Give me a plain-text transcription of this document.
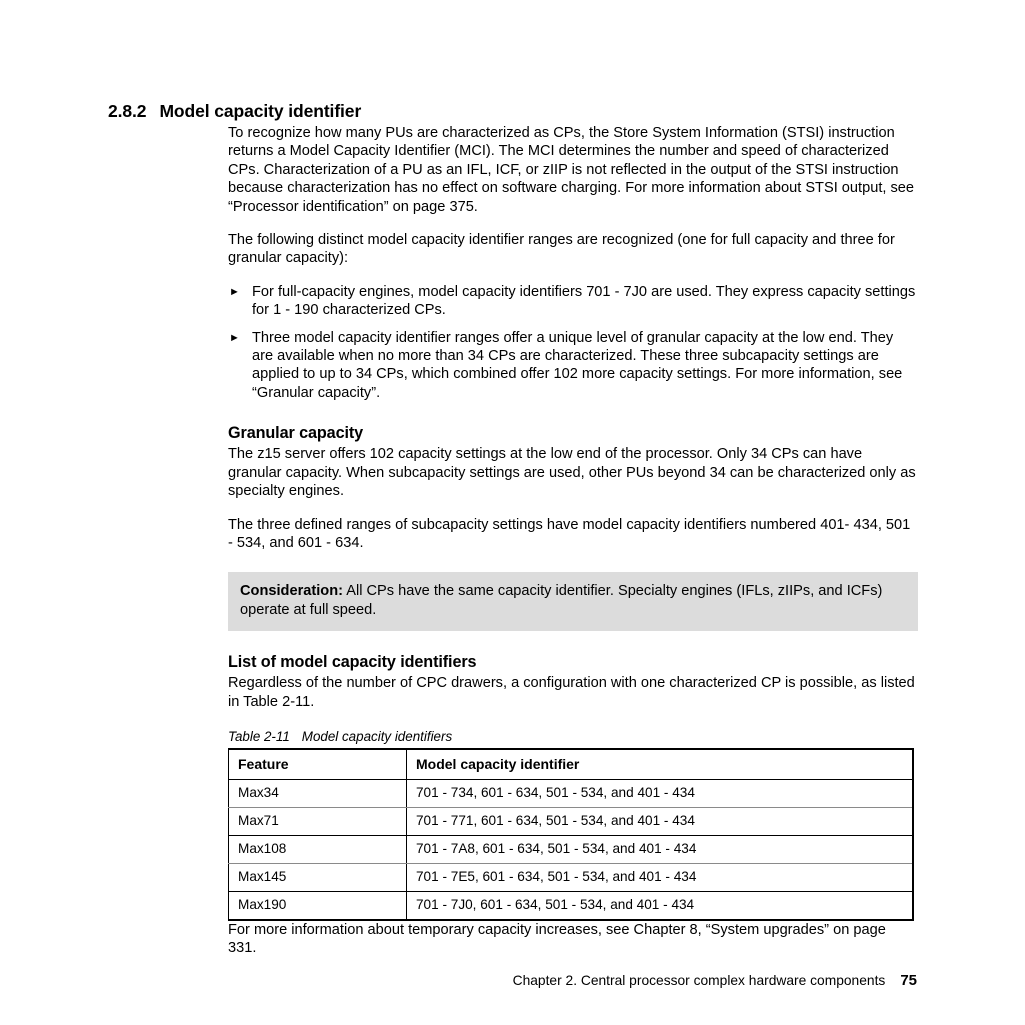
2.8.2 Model capacity identifier

To recognize how many PUs are characterized as CPs, the Store System Information (STSI) instruction returns a Model Capacity Identifier (MCI). The MCI determines the number and speed of characterized CPs. Characterization of a PU as an IFL, ICF, or zIIP is not reflected in the output of the STSI instruction because characterization has no effect on software charging. For more information about STSI output, see “Processor identification” on page 375.

The following distinct model capacity identifier ranges are recognized (one for full capacity and three for granular capacity):

► For full-capacity engines, model capacity identifiers 701 - 7J0 are used. They express capacity settings for 1 - 190 characterized CPs.
► Three model capacity identifier ranges offer a unique level of granular capacity at the low end. They are available when no more than 34 CPs are characterized. These three subcapacity settings are applied to up to 34 CPs, which combined offer 102 more capacity settings. For more information, see “Granular capacity”.
Granular capacity

The z15 server offers 102 capacity settings at the low end of the processor. Only 34 CPs can have granular capacity. When subcapacity settings are used, other PUs beyond 34 can be characterized only as specialty engines.

The three defined ranges of subcapacity settings have model capacity identifiers numbered 401- 434, 501 - 534, and 601 - 634.

Consideration: All CPs have the same capacity identifier. Specialty engines (IFLs, zIIPs, and ICFs) operate at full speed.
List of model capacity identifiers

Regardless of the number of CPC drawers, a configuration with one characterized CP is possible, as listed in Table 2-11.

Table 2-11 Model capacity identifiers
Feature	Model capacity identifier
Max34	701 - 734, 601 - 634, 501 - 534, and 401 - 434
Max71	701 - 771, 601 - 634, 501 - 534, and 401 - 434
Max108	701 - 7A8, 601 - 634, 501 - 534, and 401 - 434
Max145	701 - 7E5, 601 - 634, 501 - 534, and 401 - 434
Max190	701 - 7J0, 601 - 634, 501 - 534, and 401 - 434

For more information about temporary capacity increases, see Chapter 8, “System upgrades” on page 331.

Chapter 2. Central processor complex hardware components 75
